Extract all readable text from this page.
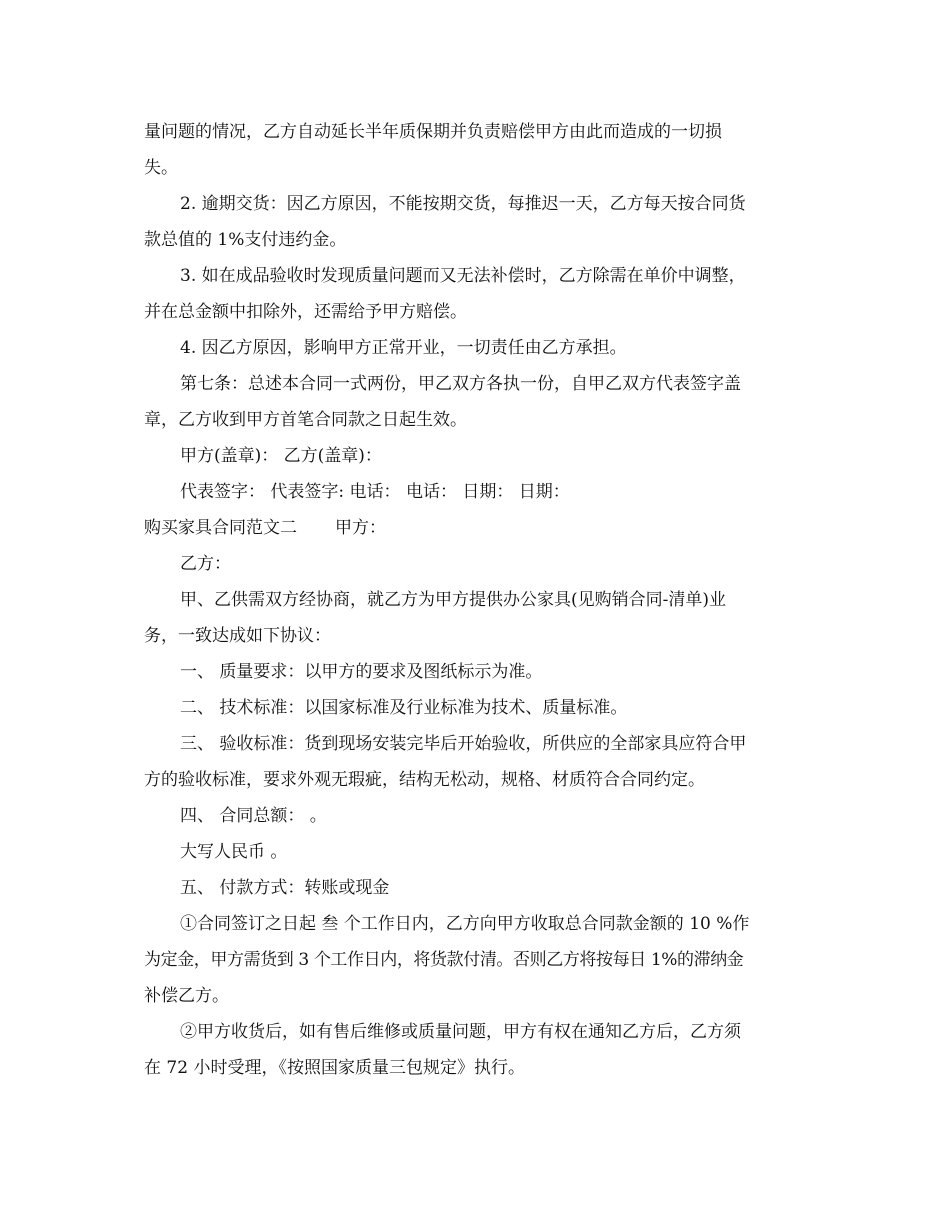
量问题的情况，乙方自动延长半年质保期并负责赔偿甲方由此而造成的一切损
失。
2. 逾期交货：因乙方原因，不能按期交货，每推迟一天，乙方每天按合同货
款总值的 1%支付违约金。
3. 如在成品验收时发现质量问题而又无法补偿时，乙方除需在单价中调整，
并在总金额中扣除外，还需给予甲方赔偿。
4. 因乙方原因，影响甲方正常开业，一切责任由乙方承担。
第七条：总述本合同一式两份，甲乙双方各执一份，自甲乙双方代表签字盖
章，乙方收到甲方首笔合同款之日起生效。
甲方(盖章)： 乙方(盖章)：
代表签字： 代表签字: 电话： 电话： 日期： 日期：
购买家具合同范文二 甲方：
乙方：
甲、乙供需双方经协商，就乙方为甲方提供办公家具(见购销合同-清单)业
务，一致达成如下协议：
一、 质量要求：以甲方的要求及图纸标示为准。
二、 技术标准：以国家标准及行业标准为技术、质量标准。
三、 验收标准：货到现场安装完毕后开始验收，所供应的全部家具应符合甲
方的验收标准，要求外观无瑕疵，结构无松动，规格、材质符合合同约定。
四、 合同总额： 。
大写人民币 。
五、 付款方式：转账或现金
①合同签订之日起 叁 个工作日内，乙方向甲方收取总合同款金额的 10 %作
为定金，甲方需货到 3 个工作日内，将货款付清。否则乙方将按每日 1%的滞纳金
补偿乙方。
②甲方收货后，如有售后维修或质量问题，甲方有权在通知乙方后，乙方须
在 72 小时受理，《按照国家质量三包规定》执行。
